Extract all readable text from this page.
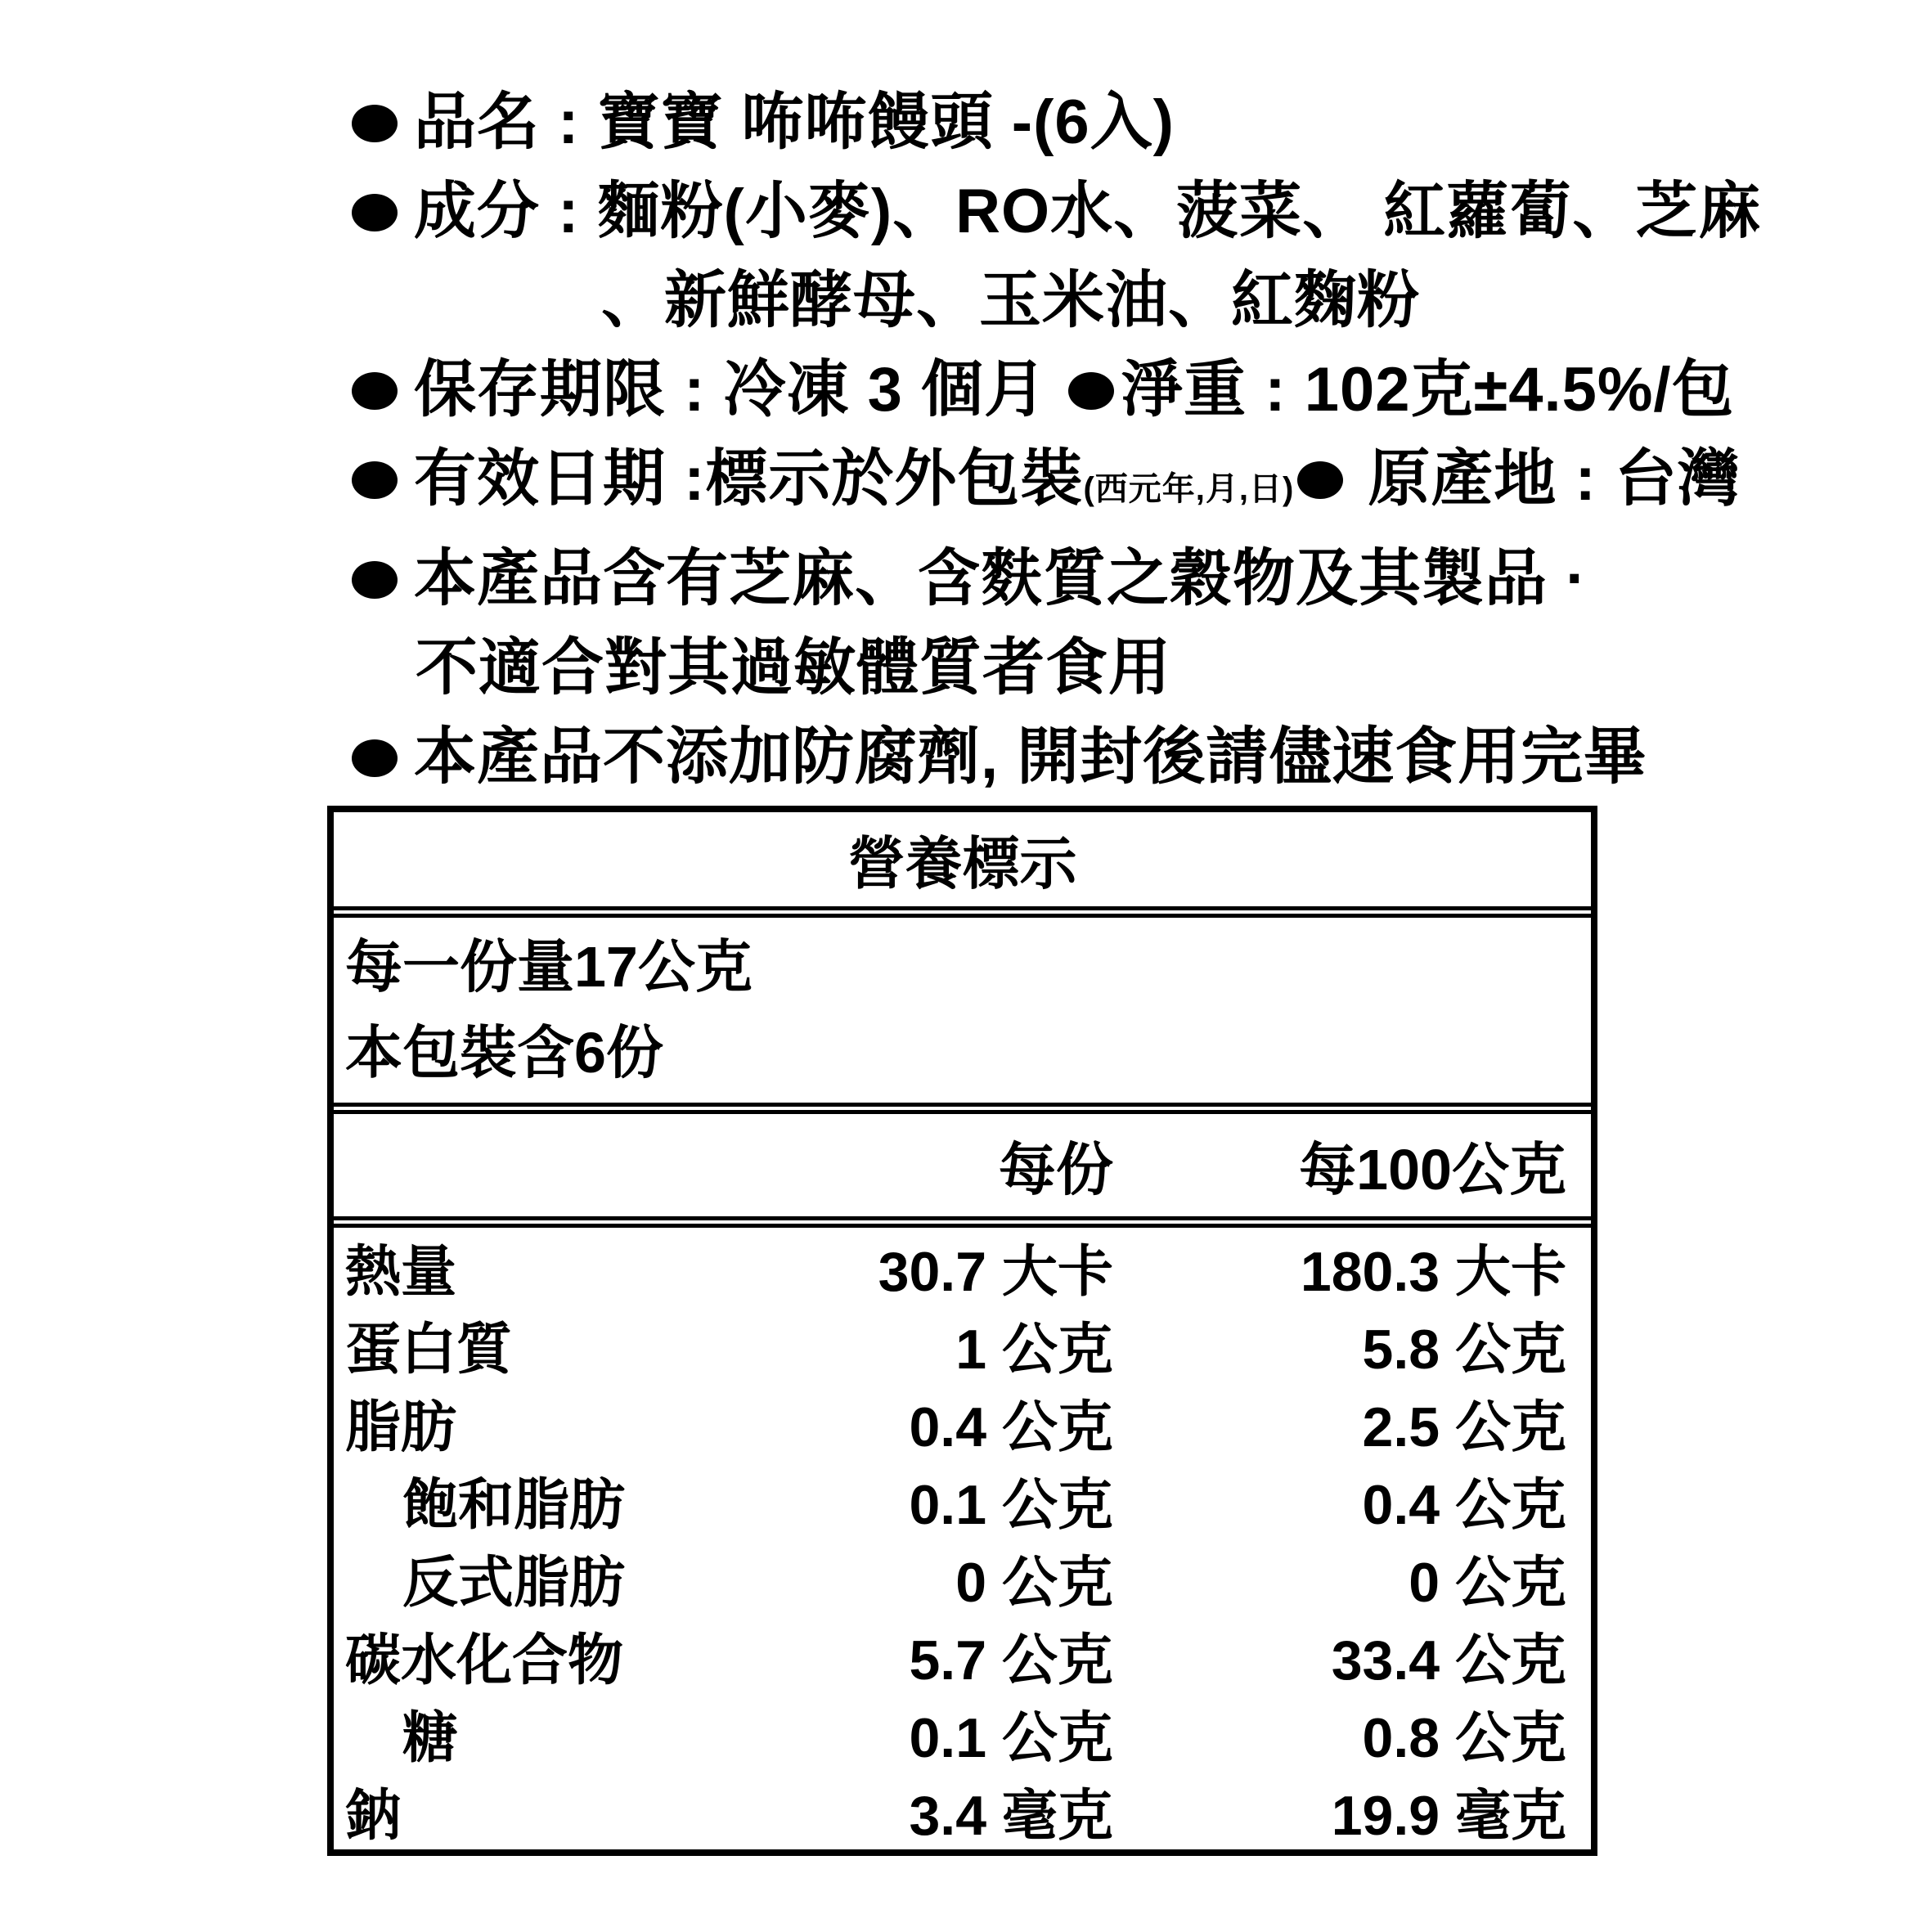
品名 : 寶寶 咘咘饅頭 -(6入)
成分 : 麵粉(小麥)、RO水、菠菜、 紅蘿蔔、芝麻
、新鮮酵母、玉米油、紅麴粉
保存期限 : 冷凍 3 個月 淨重 : 102克±4.5%/包
有效日期 :標示於外包裝(西元年,月,日) 原產地 : 台灣
本產品含有芝麻、含麩質之穀物及其製品 ·
不適合對其過敏體質者食用
本產品不添加防腐劑, 開封後請儘速食用完畢
營養標示
每一份量17公克
本包裝含6份
每份	每100公克
熱量	30.7 大卡	180.3 大卡
蛋白質	1 公克	5.8 公克
脂肪	0.4 公克	2.5 公克
飽和脂肪	0.1 公克	0.4 公克
反式脂肪	0 公克	0 公克
碳水化合物	5.7 公克	33.4 公克
糖	0.1 公克	0.8 公克
鈉	3.4 毫克	19.9 毫克
